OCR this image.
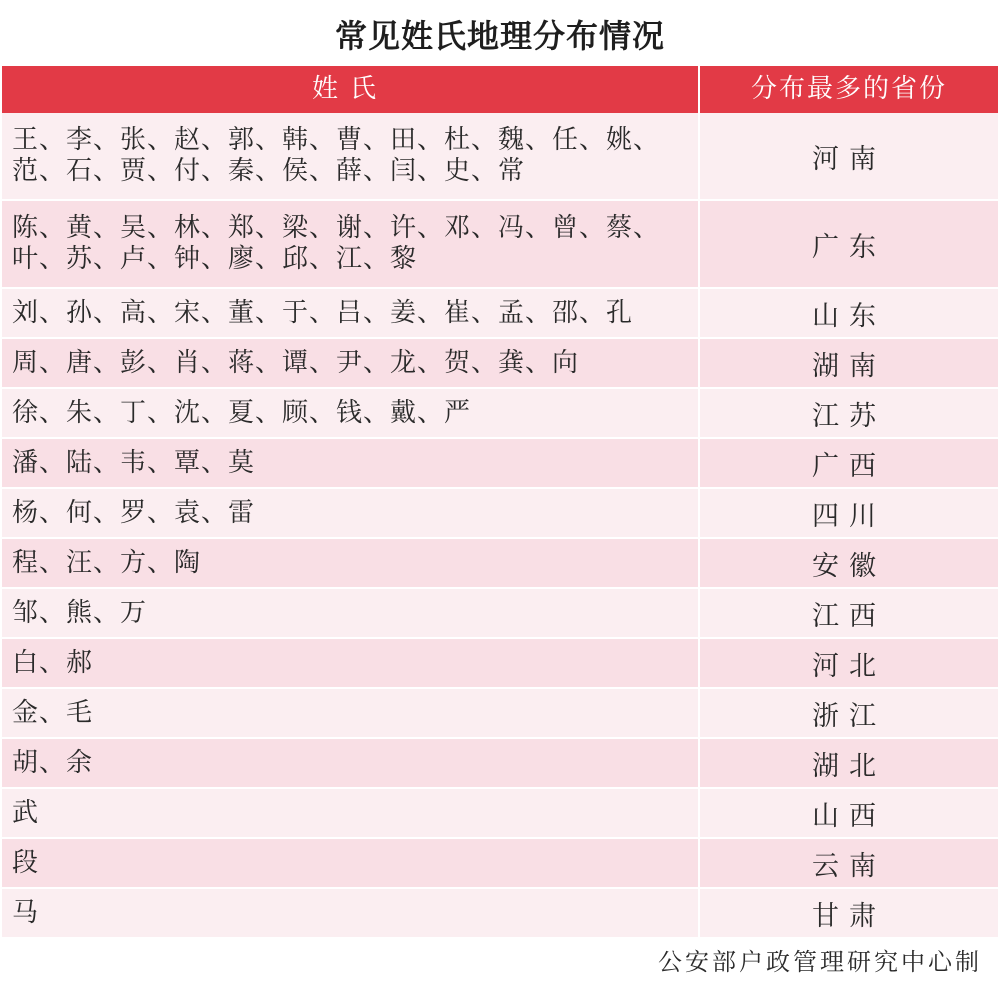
常见姓氏地理分布情况
姓氏	分布最多的省份
王、李、张、赵、郭、韩、曹、田、杜、魏、任、姚、范、石、贾、付、秦、侯、薛、闫、史、常	河南
陈、黄、吴、林、郑、梁、谢、许、邓、冯、曾、蔡、叶、苏、卢、钟、廖、邱、江、黎	广东
刘、孙、高、宋、董、于、吕、姜、崔、孟、邵、孔	山东
周、唐、彭、肖、蒋、谭、尹、龙、贺、龚、向	湖南
徐、朱、丁、沈、夏、顾、钱、戴、严	江苏
潘、陆、韦、覃、莫	广西
杨、何、罗、袁、雷	四川
程、汪、方、陶	安徽
邹、熊、万	江西
白、郝	河北
金、毛	浙江
胡、余	湖北
武	山西
段	云南
马	甘肃
公安部户政管理研究中心制
